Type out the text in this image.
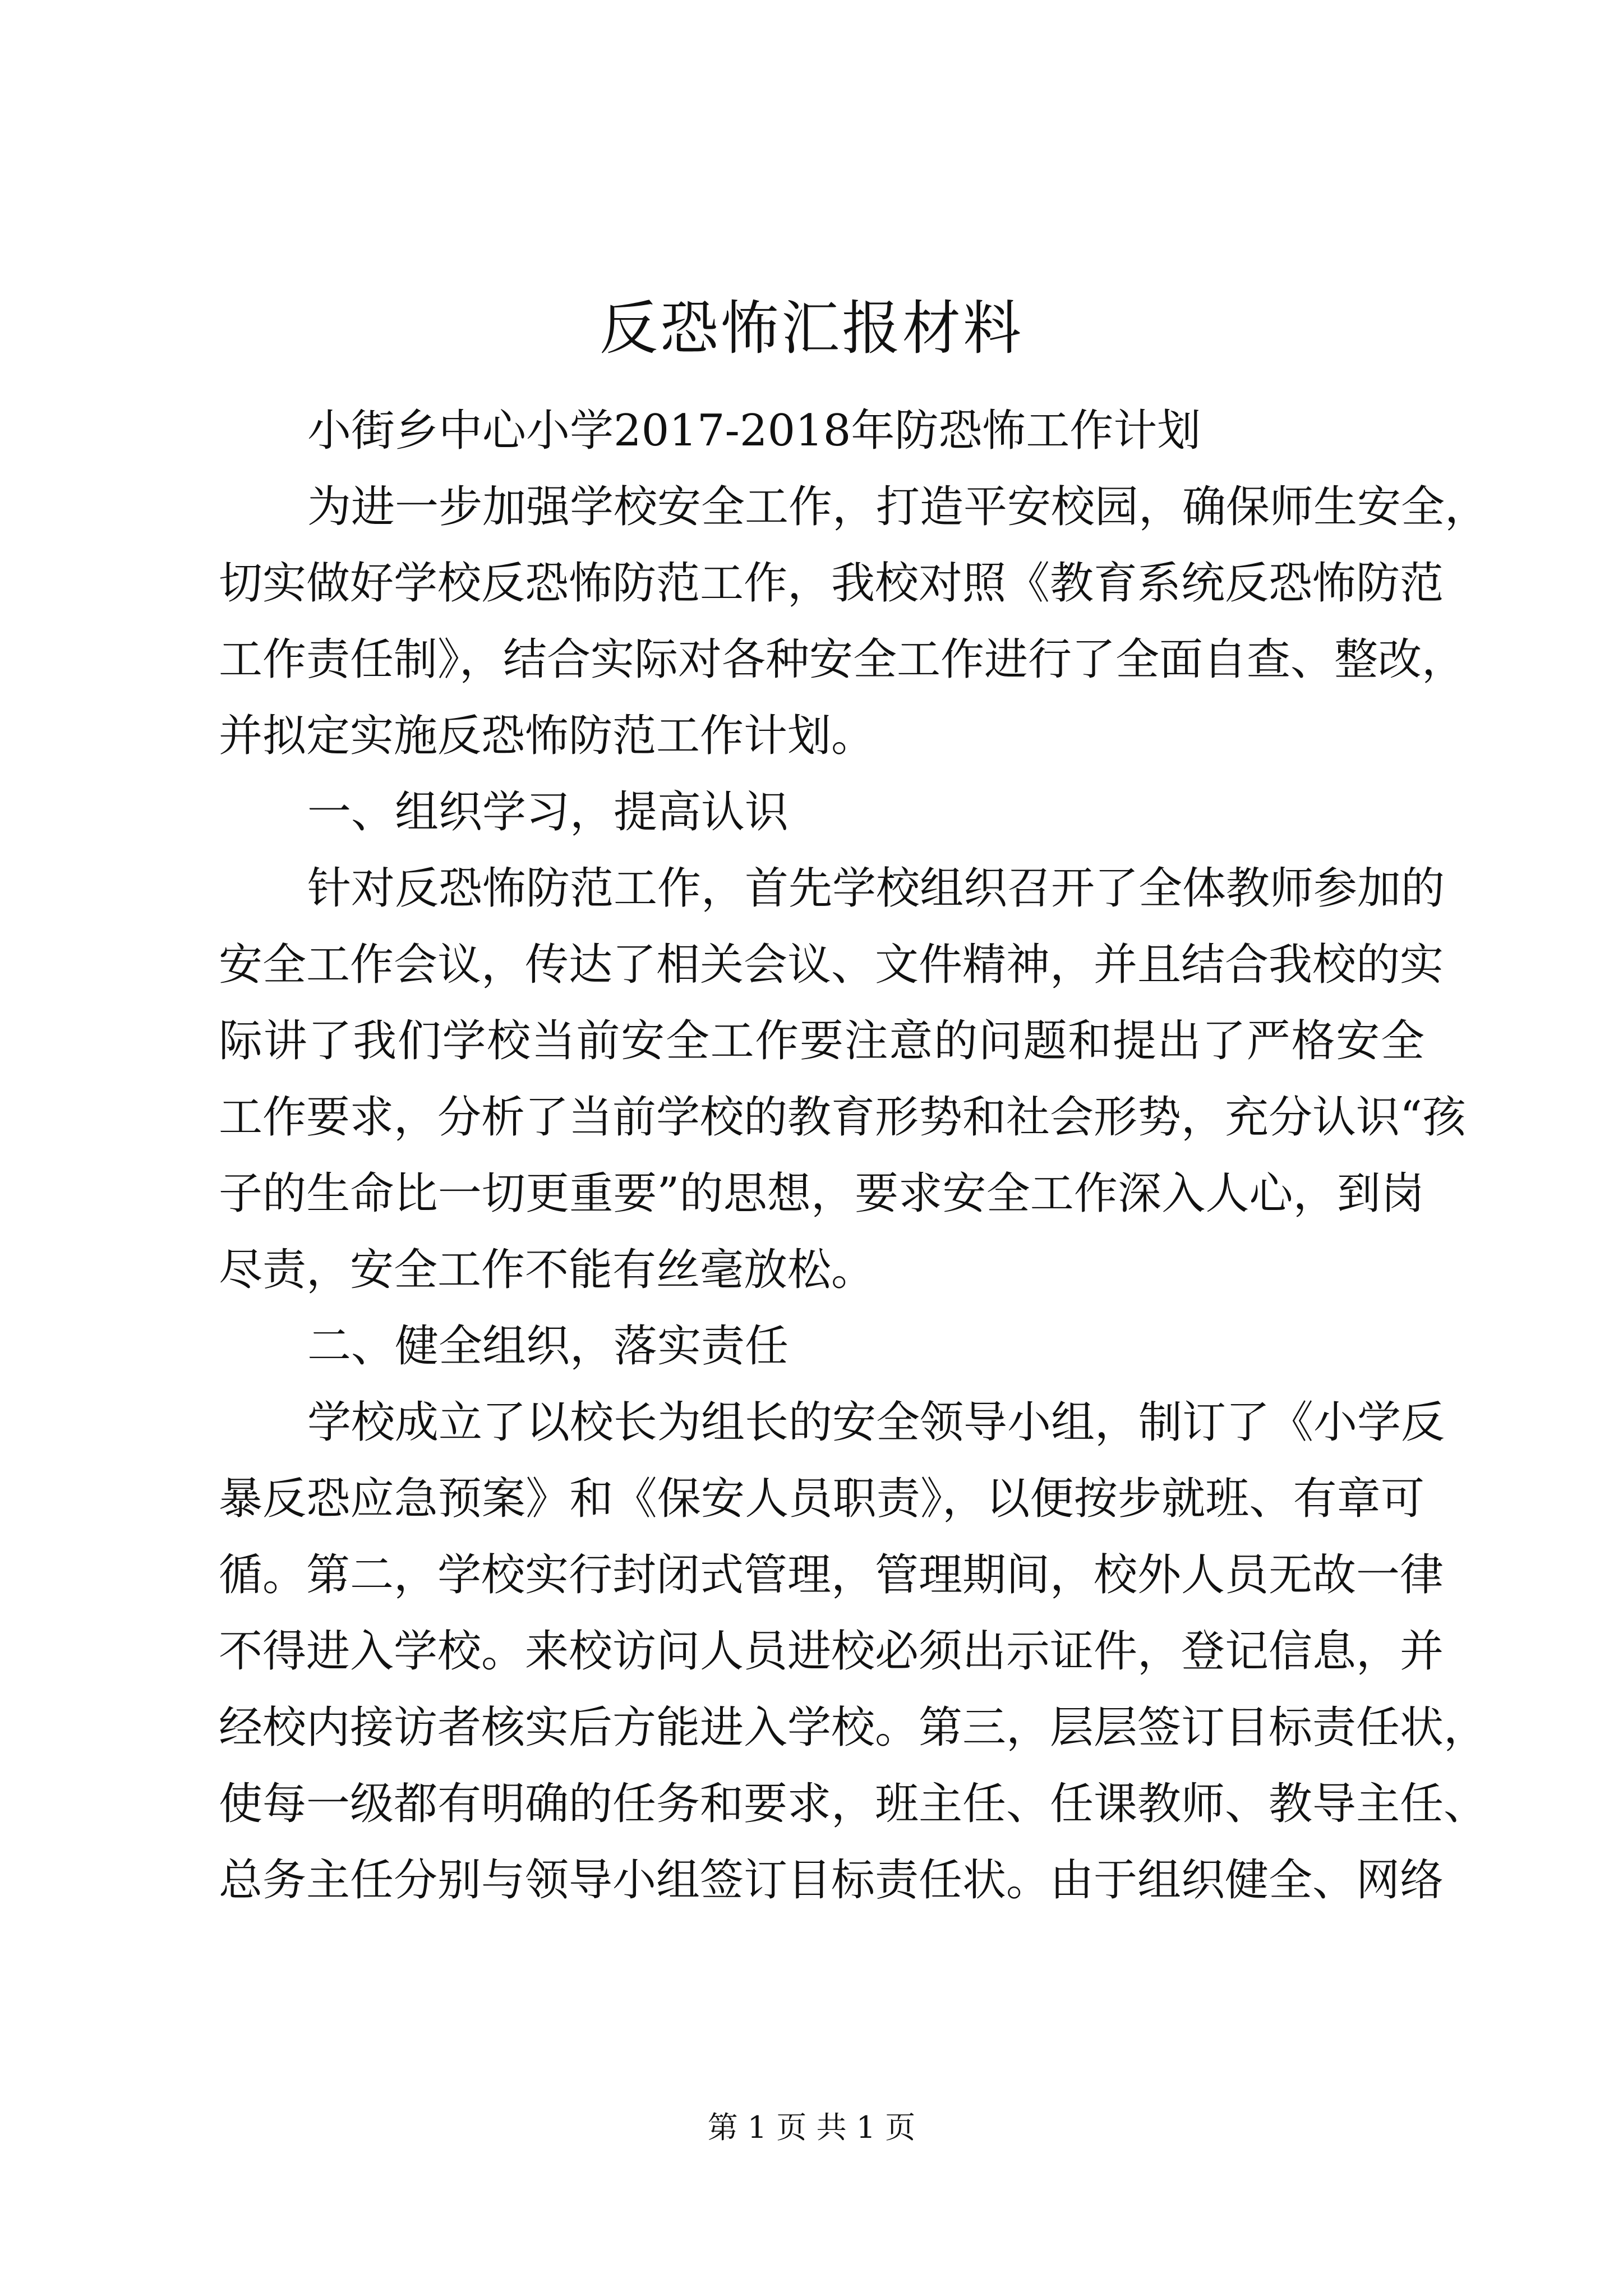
反恐怖汇报材料
小街乡中心小学2017-2018年防恐怖工作计划
为进一步加强学校安全工作，打造平安校园，确保师生安全，
切实做好学校反恐怖防范工作，我校对照《教育系统反恐怖防范
工作责任制》，结合实际对各种安全工作进行了全面自查、整改，
并拟定实施反恐怖防范工作计划。
一、组织学习，提高认识
针对反恐怖防范工作，首先学校组织召开了全体教师参加的
安全工作会议，传达了相关会议、文件精神，并且结合我校的实
际讲了我们学校当前安全工作要注意的问题和提出了严格安全
工作要求，分析了当前学校的教育形势和社会形势，充分认识“孩
子的生命比一切更重要”的思想，要求安全工作深入人心，到岗
尽责，安全工作不能有丝毫放松。
二、健全组织，落实责任
学校成立了以校长为组长的安全领导小组，制订了《小学反
暴反恐应急预案》和《保安人员职责》，以便按步就班、有章可
循。第二，学校实行封闭式管理，管理期间，校外人员无故一律
不得进入学校。来校访问人员进校必须出示证件，登记信息，并
经校内接访者核实后方能进入学校。第三，层层签订目标责任状，
使每一级都有明确的任务和要求，班主任、任课教师、教导主任、
总务主任分别与领导小组签订目标责任状。由于组织健全、网络
第 1 页 共 1 页
